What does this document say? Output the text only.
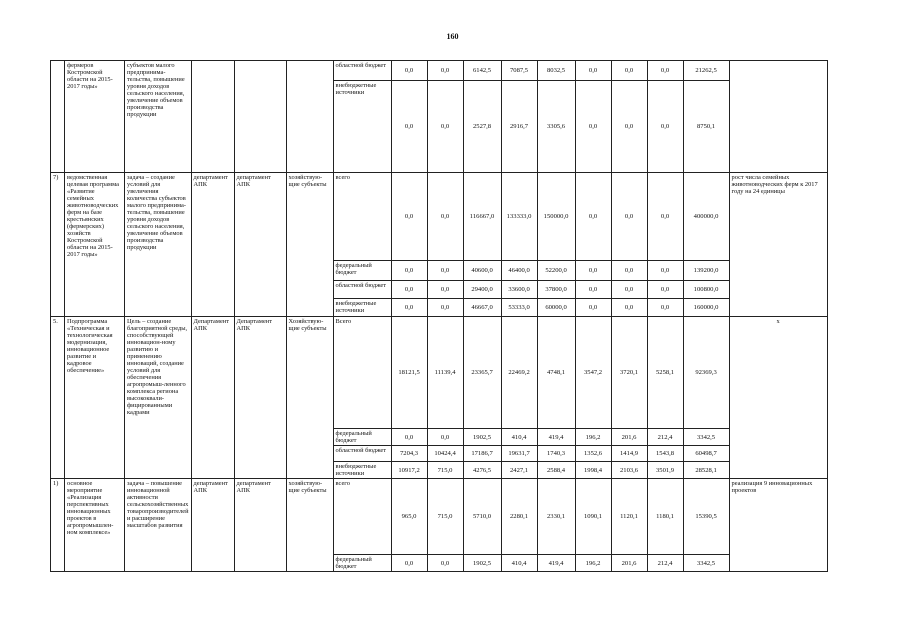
160
	фермеров Костромской области на 2015-2017 годы»	субъектов малого предпринима-тельства, повышение уровня доходов сельского населения, увеличение объемов производства продукции				областной бюджет	0,0	0,0	6142,5	7087,5	8032,5	0,0	0,0	0,0	21262,5	
						внебюджетные источники	0,0	0,0	2527,8	2916,7	3305,6	0,0	0,0	0,0	8750,1	
7)	ведомственная целевая программа «Развитие семейных животноводческих ферм на базе крестьянских (фермерских) хозяйств Костромской области на 2015-2017 годы»	задача – создание условий для увеличения количества субъектов малого предпринима-тельства, повышение уровня доходов сельского населения, увеличение объемов производства продукции	департамент АПК	департамент АПК	хозяйствую-щие субъекты	всего	0,0	0,0	116667,0	133333,0	150000,0	0,0	0,0	0,0	400000,0	рост числа семейных животноводческих ферм к 2017 году на 24 единицы
						федеральный бюджет	0,0	0,0	40600,0	46400,0	52200,0	0,0	0,0	0,0	139200,0	
						областной бюджет	0,0	0,0	29400,0	33600,0	37800,0	0,0	0,0	0,0	100800,0	
						внебюджетные источники	0,0	0,0	46667,0	53333,0	60000,0	0,0	0,0	0,0	160000,0	
5.	Подпрограмма «Техническая и технологическая модернизация, инновационное развитие и кадровое обеспечение»	Цель – создание благоприятной среды, способствующей инновацион-ному развитию и применению инноваций, создание условий для обеспечения агропромыш-ленного комплекса региона высококвали-фицированными кадрами	Департамент АПК	Департамент АПК	Хозяйствую-щие субъекты	Всего	18121,5	11139,4	23365,7	22469,2	4748,1	3547,2	3720,1	5258,1	92369,3	х
						федеральный бюджет	0,0	0,0	1902,5	410,4	419,4	196,2	201,6	212,4	3342,5	
						областной бюджет	7204,3	10424,4	17186,7	19631,7	1740,3	1352,6	1414,9	1543,8	60498,7	
						внебюджетные источники	10917,2	715,0	4276,5	2427,1	2588,4	1998,4	2103,6	3501,9	28528,1	
1)	основное мероприятие «Реализация перспективных инновационных проектов в агропромышлен-ном комплексе»	задача – повышение инновационной активности сельскохозяйственных товаропроизводителей и расширение масштабов развития	департамент АПК	департамент АПК	хозяйствую-щие субъекты	всего	965,0	715,0	5710,0	2280,1	2330,1	1090,1	1120,1	1180,1	15390,5	реализация 9 инновационных проектов
						федеральный бюджет	0,0	0,0	1902,5	410,4	419,4	196,2	201,6	212,4	3342,5	
